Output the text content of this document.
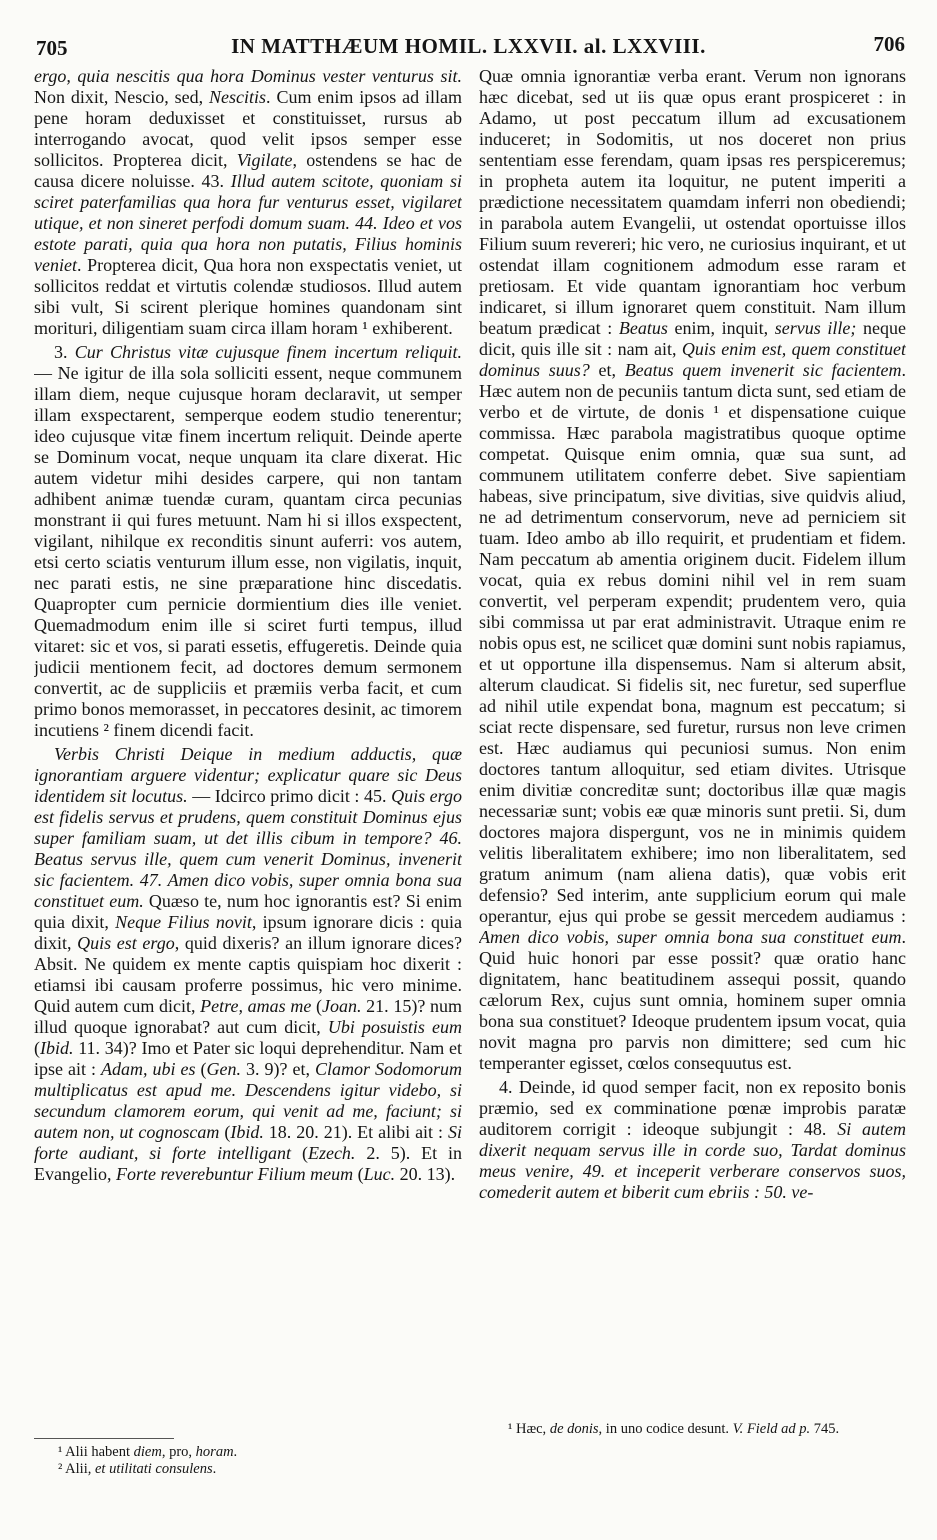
705	IN MATTHÆUM HOMIL. LXXVII. al. LXXVIII.	706

ergo, quia nescitis qua hora Dominus vester venturus sit. Non dixit, Nescio, sed, Nescitis. Cum enim ipsos ad illam pene horam deduxisset et constituisset, rursus ab interrogando avocat, quod velit ipsos semper esse sollicitos. Propterea dicit, Vigilate, ostendens se hac de causa dicere noluisse. 43. Illud autem scitote, quoniam si sciret paterfamilias qua hora fur venturus esset, vigilaret utique, et non sineret perfodi domum suam. 44. Ideo et vos estote parati, quia qua hora non putatis, Filius hominis veniet. Propterea dicit, Qua hora non exspectatis veniet, ut sollicitos reddat et virtutis colendæ studiosos. Illud autem sibi vult, Si scirent plerique homines quandonam sint morituri, diligentiam suam circa illam horam ¹ exhiberent.

3. Cur Christus vitæ cujusque finem incertum reliquit. — Ne igitur de illa sola solliciti essent, neque communem illam diem, neque cujusque horam declaravit, ut semper illam exspectarent, semperque eodem studio tenerentur; ideo cujusque vitæ finem incertum reliquit. Deinde aperte se Dominum vocat, neque unquam ita clare dixerat. Hic autem videtur mihi desides carpere, qui non tantam adhibent animæ tuendæ curam, quantam circa pecunias monstrant ii qui fures metuunt. Nam hi si illos exspectent, vigilant, nihilque ex reconditis sinunt auferri: vos autem, etsi certo sciatis venturum illum esse, non vigilatis, inquit, nec parati estis, ne sine præparatione hinc discedatis. Quapropter cum pernicie dormientium dies ille veniet. Quemadmodum enim ille si sciret furti tempus, illud vitaret: sic et vos, si parati essetis, effugeretis. Deinde quia judicii mentionem fecit, ad doctores demum sermonem convertit, ac de suppliciis et præmiis verba facit, et cum primo bonos memorasset, in peccatores desinit, ac timorem incutiens ² finem dicendi facit.

Verbis Christi Deique in medium adductis, quæ ignorantiam arguere videntur; explicatur quare sic Deus identidem sit locutus. — Idcirco primo dicit : 45. Quis ergo est fidelis servus et prudens, quem constituit Dominus ejus super familiam suam, ut det illis cibum in tempore? 46. Beatus servus ille, quem cum venerit Dominus, invenerit sic facientem. 47. Amen dico vobis, super omnia bona sua constituet eum. Quæso te, num hoc ignorantis est? Si enim quia dixit, Neque Filius novit, ipsum ignorare dicis : quia dixit, Quis est ergo, quid dixeris? an illum ignorare dices? Absit. Ne quidem ex mente captis quispiam hoc dixerit : etiamsi ibi causam proferre possimus, hic vero minime. Quid autem cum dicit, Petre, amas me (Joan. 21. 15)? num illud quoque ignorabat? aut cum dicit, Ubi posuistis eum (Ibid. 11. 34)? Imo et Pater sic loqui deprehenditur. Nam et ipse ait : Adam, ubi es (Gen. 3. 9)? et, Clamor Sodomorum multiplicatus est apud me. Descendens igitur videbo, si secundum clamorem eorum, qui venit ad me, faciunt; si autem non, ut cognoscam (Ibid. 18. 20. 21). Et alibi ait : Si forte audiant, si forte intelligant (Ezech. 2. 5). Et in Evangelio, Forte reverebuntur Filium meum (Luc. 20. 13).

Quæ omnia ignorantiæ verba erant. Verum non ignorans hæc dicebat, sed ut iis quæ opus erant prospiceret : in Adamo, ut post peccatum illum ad excusationem induceret; in Sodomitis, ut nos doceret non prius sententiam esse ferendam, quam ipsas res perspiceremus; in propheta autem ita loquitur, ne putent imperiti a prædictione necessitatem quamdam inferri non obediendi; in parabola autem Evangelii, ut ostendat oportuisse illos Filium suum revereri; hic vero, ne curiosius inquirant, et ut ostendat illam cognitionem admodum esse raram et pretiosam. Et vide quantam ignorantiam hoc verbum indicaret, si illum ignoraret quem constituit. Nam illum beatum prædicat : Beatus enim, inquit, servus ille; neque dicit, quis ille sit : nam ait, Quis enim est, quem constituet dominus suus? et, Beatus quem invenerit sic facientem. Hæc autem non de pecuniis tantum dicta sunt, sed etiam de verbo et de virtute, de donis ¹ et dispensatione cuique commissa. Hæc parabola magistratibus quoque optime competat. Quisque enim omnia, quæ sua sunt, ad communem utilitatem conferre debet. Sive sapientiam habeas, sive principatum, sive divitias, sive quidvis aliud, ne ad detrimentum conservorum, neve ad perniciem sit tuam. Ideo ambo ab illo requirit, et prudentiam et fidem. Nam peccatum ab amentia originem ducit. Fidelem illum vocat, quia ex rebus domini nihil vel in rem suam convertit, vel perperam expendit; prudentem vero, quia sibi commissa ut par erat administravit. Utraque enim re nobis opus est, ne scilicet quæ domini sunt nobis rapiamus, et ut opportune illa dispensemus. Nam si alterum absit, alterum claudicat. Si fidelis sit, nec furetur, sed superflue ad nihil utile expendat bona, magnum est peccatum; si sciat recte dispensare, sed furetur, rursus non leve crimen est. Hæc audiamus qui pecuniosi sumus. Non enim doctores tantum alloquitur, sed etiam divites. Utrisque enim divitiæ concreditæ sunt; doctoribus illæ quæ magis necessariæ sunt; vobis eæ quæ minoris sunt pretii. Si, dum doctores majora dispergunt, vos ne in minimis quidem velitis liberalitatem exhibere; imo non liberalitatem, sed gratum animum (nam aliena datis), quæ vobis erit defensio? Sed interim, ante supplicium eorum qui male operantur, ejus qui probe se gessit mercedem audiamus : Amen dico vobis, super omnia bona sua constituet eum. Quid huic honori par esse possit? quæ oratio hanc dignitatem, hanc beatitudinem assequi possit, quando cælorum Rex, cujus sunt omnia, hominem super omnia bona sua constituet? Ideoque prudentem ipsum vocat, quia novit magna pro parvis non dimittere; sed cum hic temperanter egisset, cœlos consequutus est.

4. Deinde, id quod semper facit, non ex reposito bonis præmio, sed ex comminatione pœnæ improbis paratæ auditorem corrigit : ideoque subjungit : 48. Si autem dixerit nequam servus ille in corde suo, Tardat dominus meus venire, 49. et inceperit verberare conservos suos, comederit autem et biberit cum ebriis : 50. ve-

¹ Alii habent diem, pro, horam.

² Alii, et utilitati consulens.

¹ Hæc, de donis, in uno codice desunt. V. Field ad p. 745.
